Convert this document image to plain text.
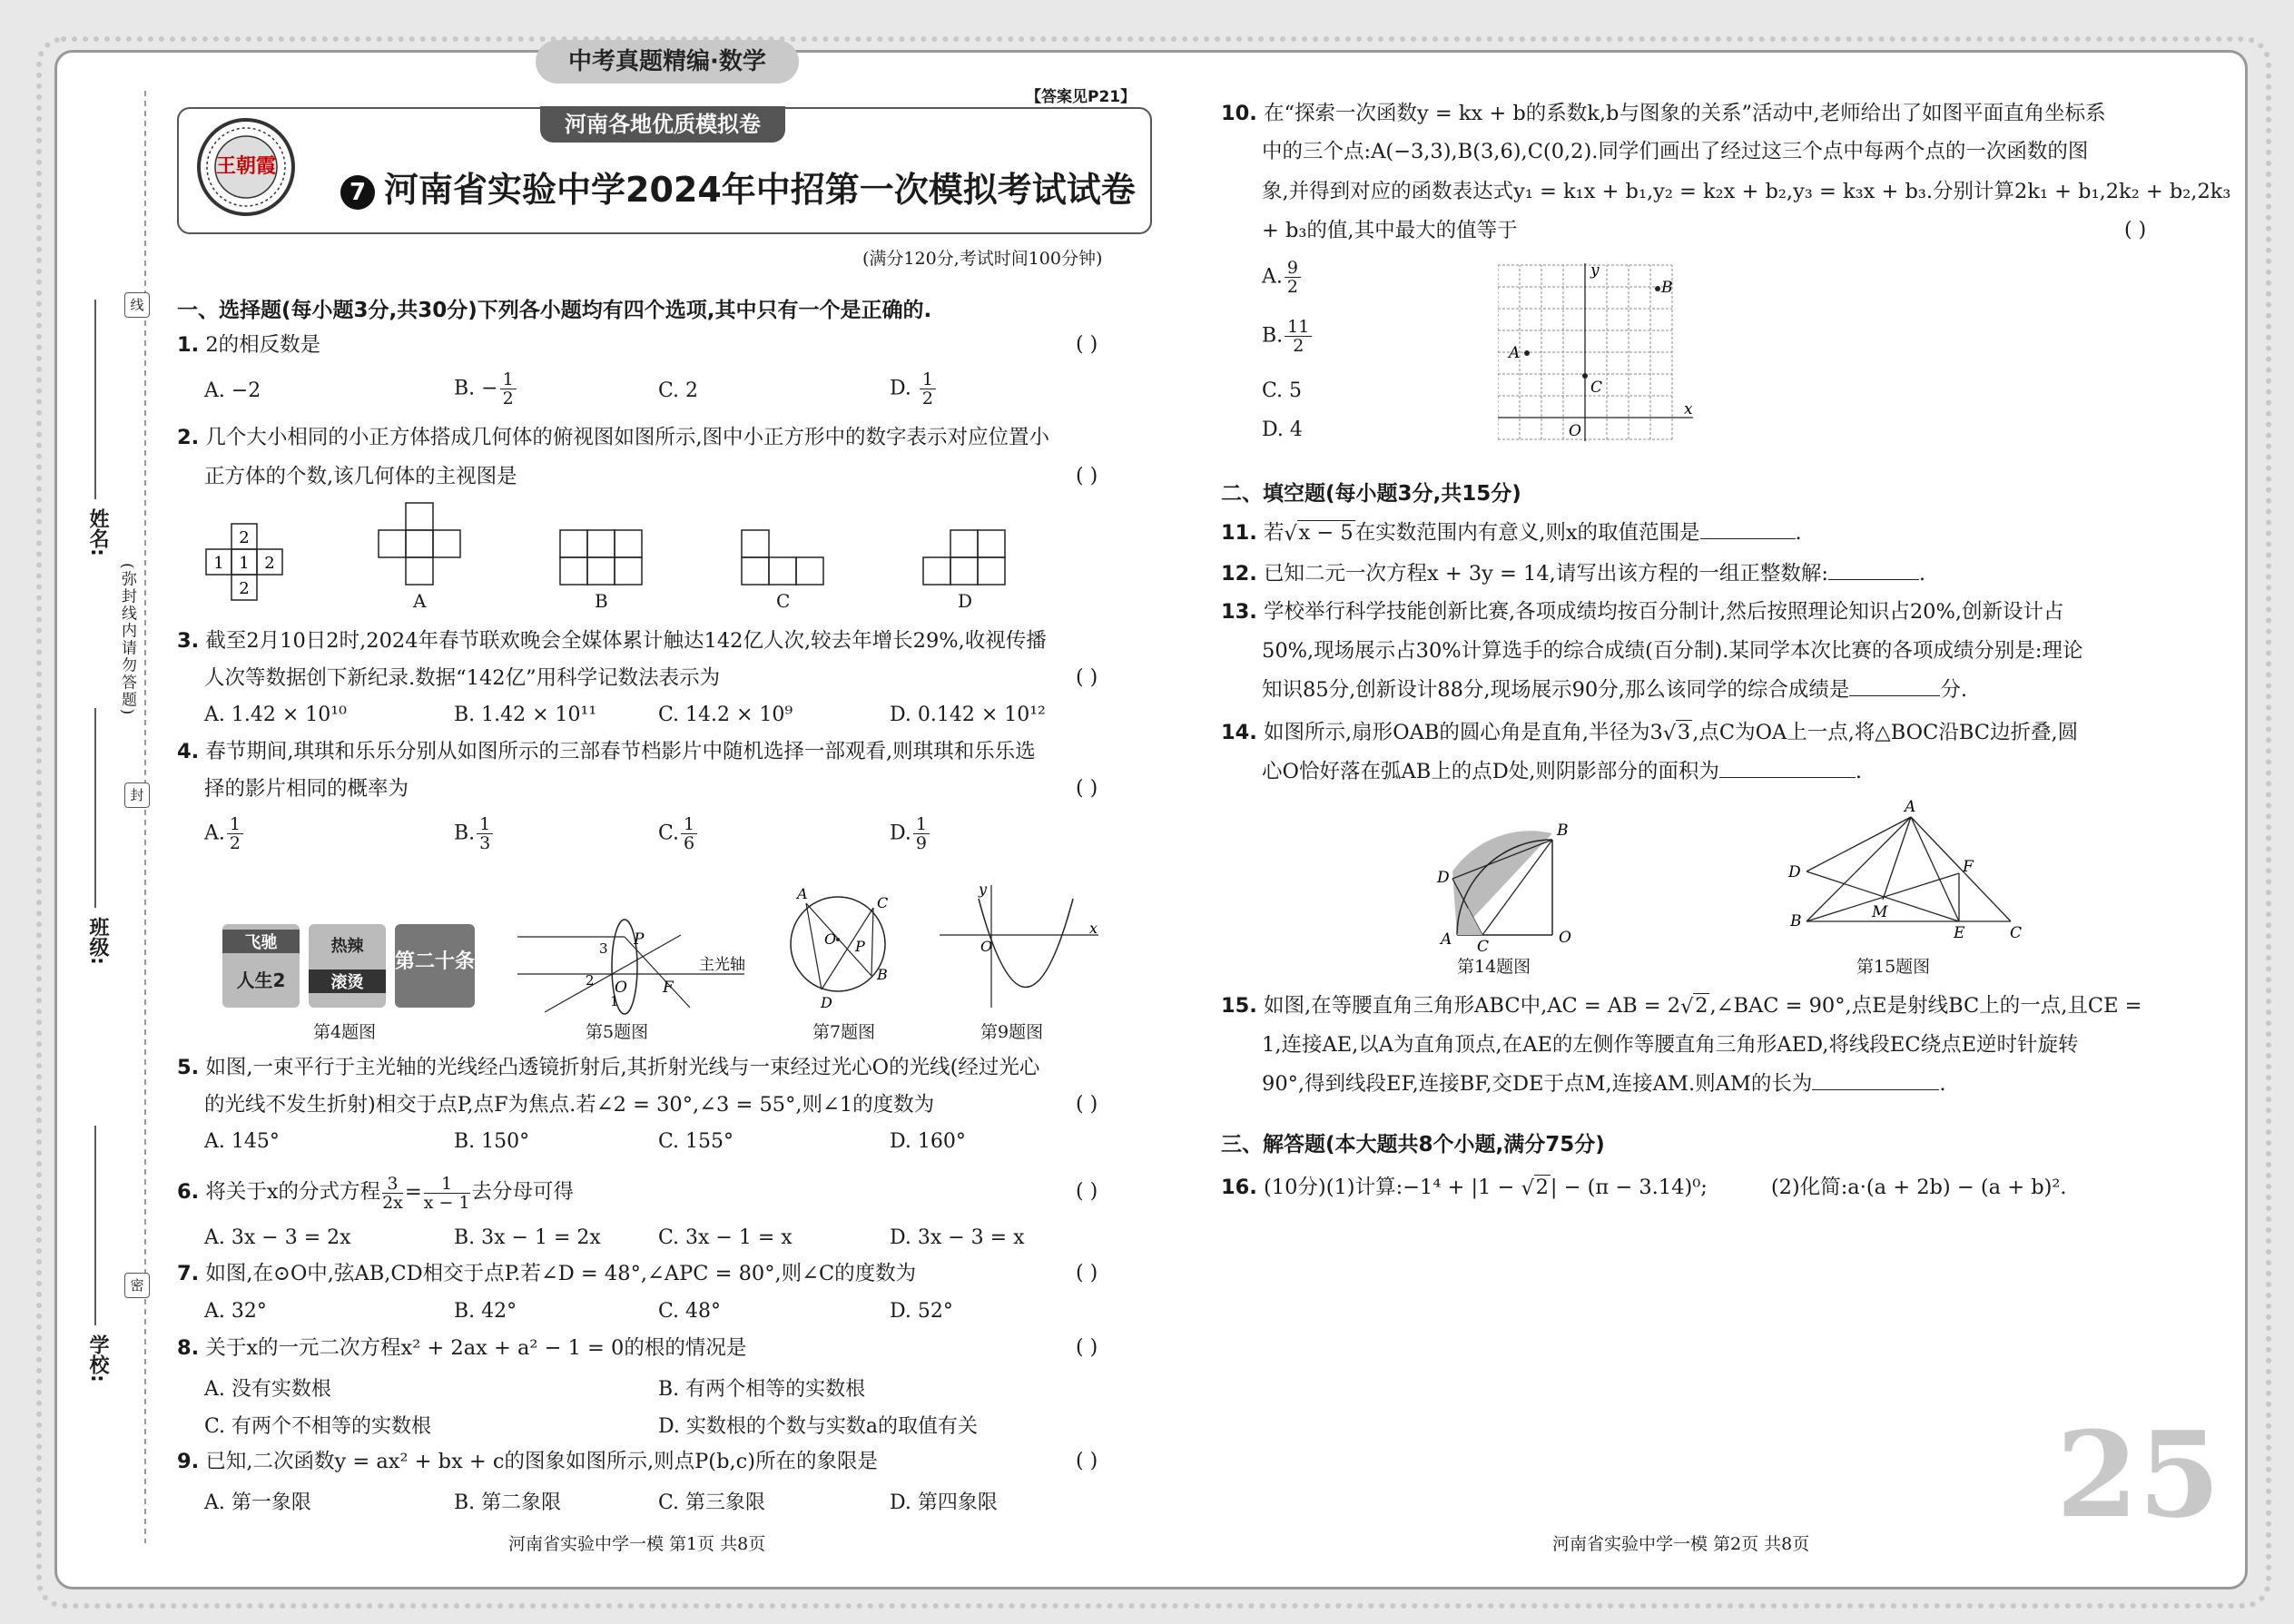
中考真题精编·数学
【答案见P21】
河南各地优质模拟卷
王朝霞
7 河南省实验中学2024年中招第一次模拟考试试卷
(满分120分,考试时间100分钟)
线
封
密
(弥封线内请勿答题)
姓名:
班级:
学校:
一、选择题(每小题3分,共30分)下列各小题均有四个选项,其中只有一个是正确的.
1. 2的相反数是	( )
A. −2	B. − $\frac{1}{2}$	C. 2	D. $\frac{1}{2}$
2. 几个大小相同的小正方体搭成几何体的俯视图如图所示,图中小正方形中的数字表示对应位置小
正方体的个数,该几何体的主视图是	( )
2
1 1 2
2
A	B	C	D
3. 截至2月10日2时,2024年春节联欢晚会全媒体累计触达142亿人次,较去年增长29%,收视传播
人次等数据创下新纪录.数据“142亿”用科学记数法表示为	( )
A. 1.42 × 10¹⁰	B. 1.42 × 10¹¹	C. 14.2 × 10⁹	D. 0.142 × 10¹²
4. 春节期间,琪琪和乐乐分别从如图所示的三部春节档影片中随机选择一部观看,则琪琪和乐乐选
择的影片相同的概率为	( )
A. $\frac{1}{2}$	B. $\frac{1}{3}$	C. $\frac{1}{6}$	D. $\frac{1}{9}$
飞驰
人生2
热辣
滚烫
第二十条
第4题图
P
O F
3
2
1
主光轴
第5题图
A
C
B
D
O P
第7题图
x
y
O
第9题图
5. 如图,一束平行于主光轴的光线经凸透镜折射后,其折射光线与一束经过光心O的光线(经过光心
的光线不发生折射)相交于点P,点F为焦点.若∠2 = 30°,∠3 = 55°,则∠1的度数为	( )
A. 145°	B. 150°	C. 155°	D. 160°
6. 将关于x的分式方程 $\frac{3}{2x} = \frac{1}{x - 1}$ 去分母可得	( )
A. 3x − 3 = 2x	B. 3x − 1 = 2x	C. 3x − 1 = x	D. 3x − 3 = x
7. 如图,在⊙O中,弦AB,CD相交于点P.若∠D = 48°,∠APC = 80°,则∠C的度数为	( )
A. 32°	B. 42°	C. 48°	D. 52°
8. 关于x的一元二次方程x² + 2ax + a² − 1 = 0的根的情况是	( )
A. 没有实数根	B. 有两个相等的实数根
C. 有两个不相等的实数根	D. 实数根的个数与实数a的取值有关
9. 已知,二次函数y = ax² + bx + c的图象如图所示,则点P(b,c)所在的象限是	( )
A. 第一象限	B. 第二象限	C. 第三象限	D. 第四象限
河南省实验中学一模 第1页 共8页
10. 在“探索一次函数y = kx + b的系数k,b与图象的关系”活动中,老师给出了如图平面直角坐标系
中的三个点:A(−3,3),B(3,6),C(0,2).同学们画出了经过这三个点中每两个点的一次函数的图
象,并得到对应的函数表达式y₁ = k₁x + b₁,y₂ = k₂x + b₂,y₃ = k₃x + b₃.分别计算2k₁ + b₁,2k₂ + b₂,2k₃
+ b₃的值,其中最大的值等于	( )
A. $\frac{9}{2}$
B. $\frac{11}{2}$
C. 5
D. 4
A
B
C
x
y
O
二、填空题(每小题3分,共15分)
11. 若 √ x − 5在实数范围内有意义,则x的取值范围是	.
12. 已知二元一次方程x + 3y = 14,请写出该方程的一组正整数解:	.
13. 学校举行科学技能创新比赛,各项成绩均按百分制计,然后按照理论知识占20%,创新设计占
50%,现场展示占30%计算选手的综合成绩(百分制).某同学本次比赛的各项成绩分别是:理论
知识85分,创新设计88分,现场展示90分,那么该同学的综合成绩是	分.
14. 如图所示,扇形OAB的圆心角是直角,半径为3 √ 3,点C为OA上一点,将△BOC沿BC边折叠,圆
心O恰好落在弧AB上的点D处,则阴影部分的面积为	.
A
B
C
D
O
第14题图
A
B
C
D
E
F
M
第15题图
15. 如图,在等腰直角三角形ABC中,AC = AB = 2 √ 2,∠BAC = 90°,点E是射线BC上的一点,且CE =
1,连接AE,以A为直角顶点,在AE的左侧作等腰直角三角形AED,将线段EC绕点E逆时针旋转
90°,得到线段EF,连接BF,交DE于点M,连接AM.则AM的长为	.
三、解答题(本大题共8个小题,满分75分)
16. (10分)(1)计算:−1⁴ + |1 − √ 2| − (π − 3.14)⁰;	(2)化简:a·(a + 2b) − (a + b)².
25
河南省实验中学一模 第2页 共8页
